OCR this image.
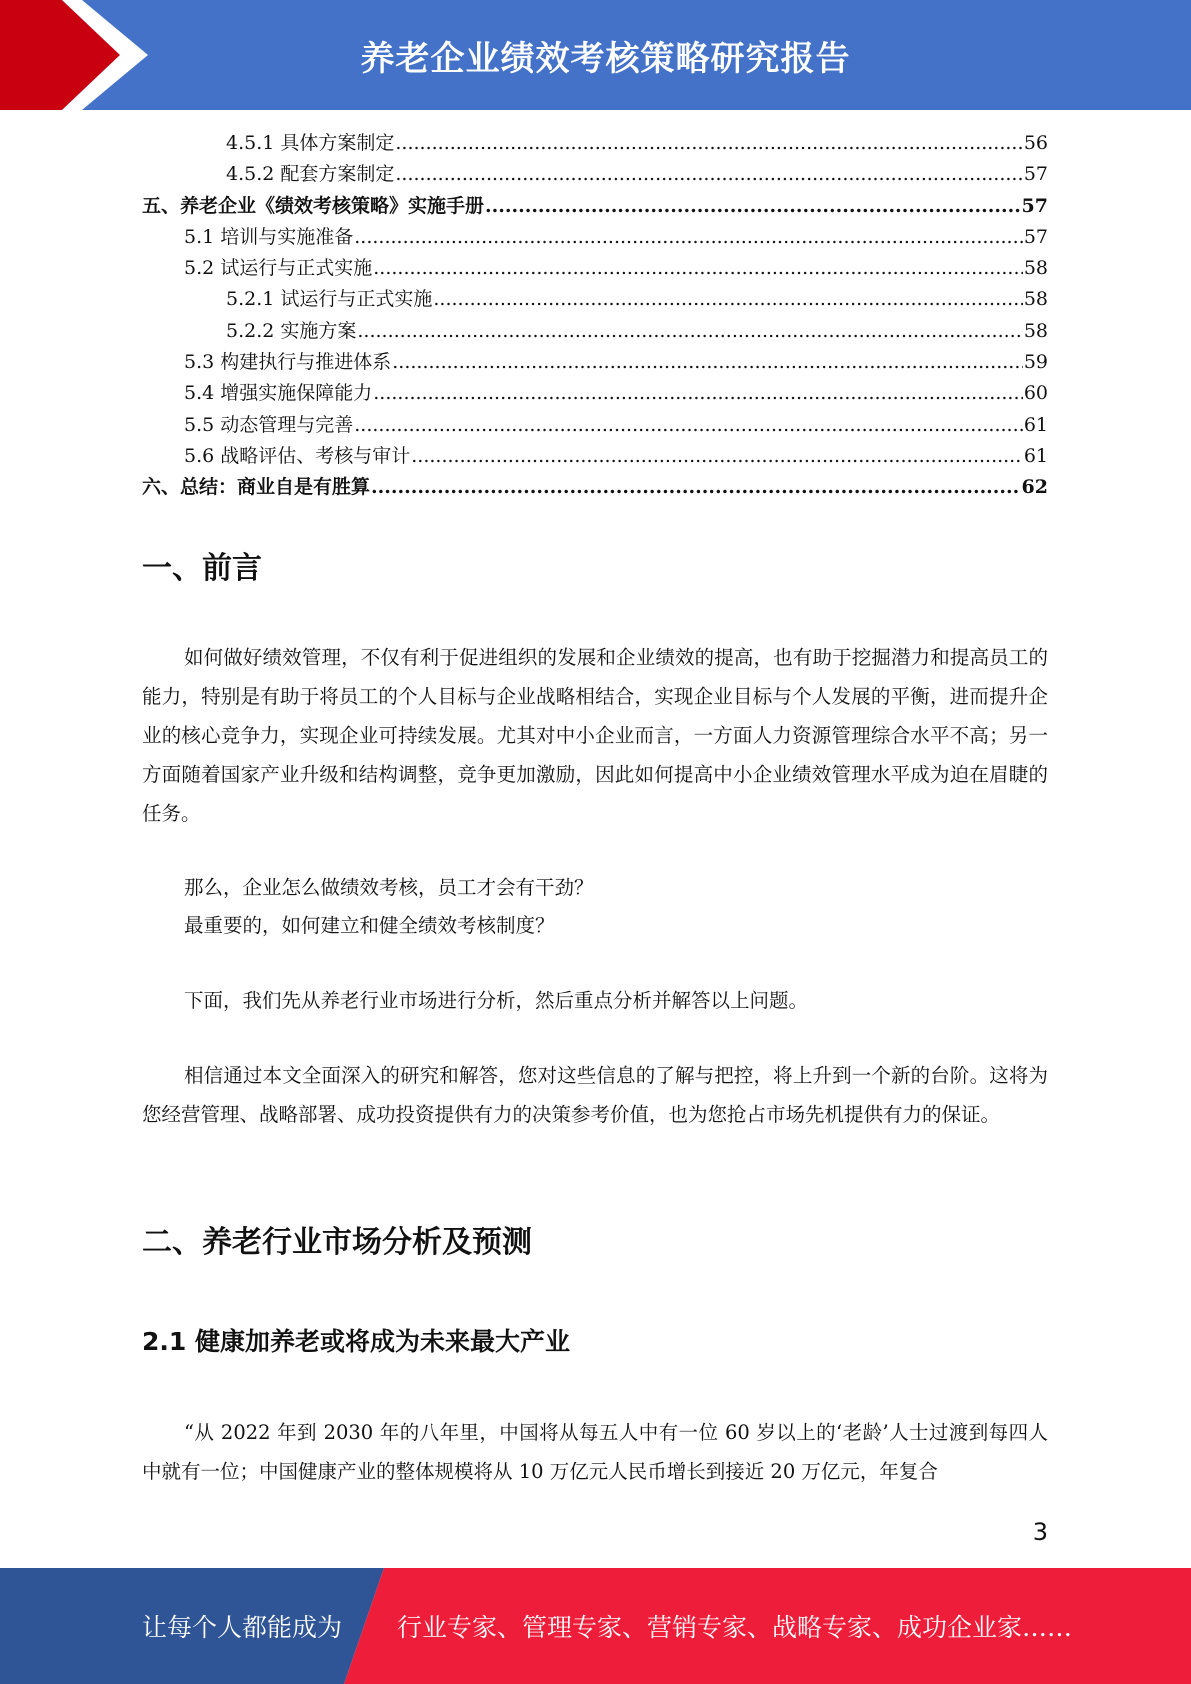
养老企业绩效考核策略研究报告
4.5.1 具体方案制定 .....	56
4.5.2 配套方案制定 .....	57
五、养老企业《绩效考核策略》实施手册 .....	57
5.1 培训与实施准备 .....	57
5.2 试运行与正式实施 .....	58
5.2.1 试运行与正式实施 .....	58
5.2.2 实施方案 .....	58
5.3 构建执行与推进体系 .....	59
5.4 增强实施保障能力 .....	60
5.5 动态管理与完善 .....	61
5.6 战略评估、考核与审计 .....	61
六、总结：商业自是有胜算 .....	62
一、前言
如何做好绩效管理，不仅有利于促进组织的发展和企业绩效的提高，也有助于挖掘潜力和提高员工的能力，特别是有助于将员工的个人目标与企业战略相结合，实现企业目标与个人发展的平衡，进而提升企业的核心竞争力，实现企业可持续发展。尤其对中小企业而言，一方面人力资源管理综合水平不高；另一方面随着国家产业升级和结构调整，竞争更加激励，因此如何提高中小企业绩效管理水平成为迫在眉睫的任务。
那么，企业怎么做绩效考核，员工才会有干劲？
最重要的，如何建立和健全绩效考核制度？
下面，我们先从养老行业市场进行分析，然后重点分析并解答以上问题。
相信通过本文全面深入的研究和解答，您对这些信息的了解与把控，将上升到一个新的台阶。这将为您经营管理、战略部署、成功投资提供有力的决策参考价值，也为您抢占市场先机提供有力的保证。
二、养老行业市场分析及预测
2.1 健康加养老或将成为未来最大产业
“从 2022 年到 2030 年的八年里，中国将从每五人中有一位 60 岁以上的‘老龄’人士过渡到每四人中就有一位；中国健康产业的整体规模将从 10 万亿元人民币增长到接近 20 万亿元，年复合
3
让每个人都能成为 行业专家、管理专家、营销专家、战略专家、成功企业家……
